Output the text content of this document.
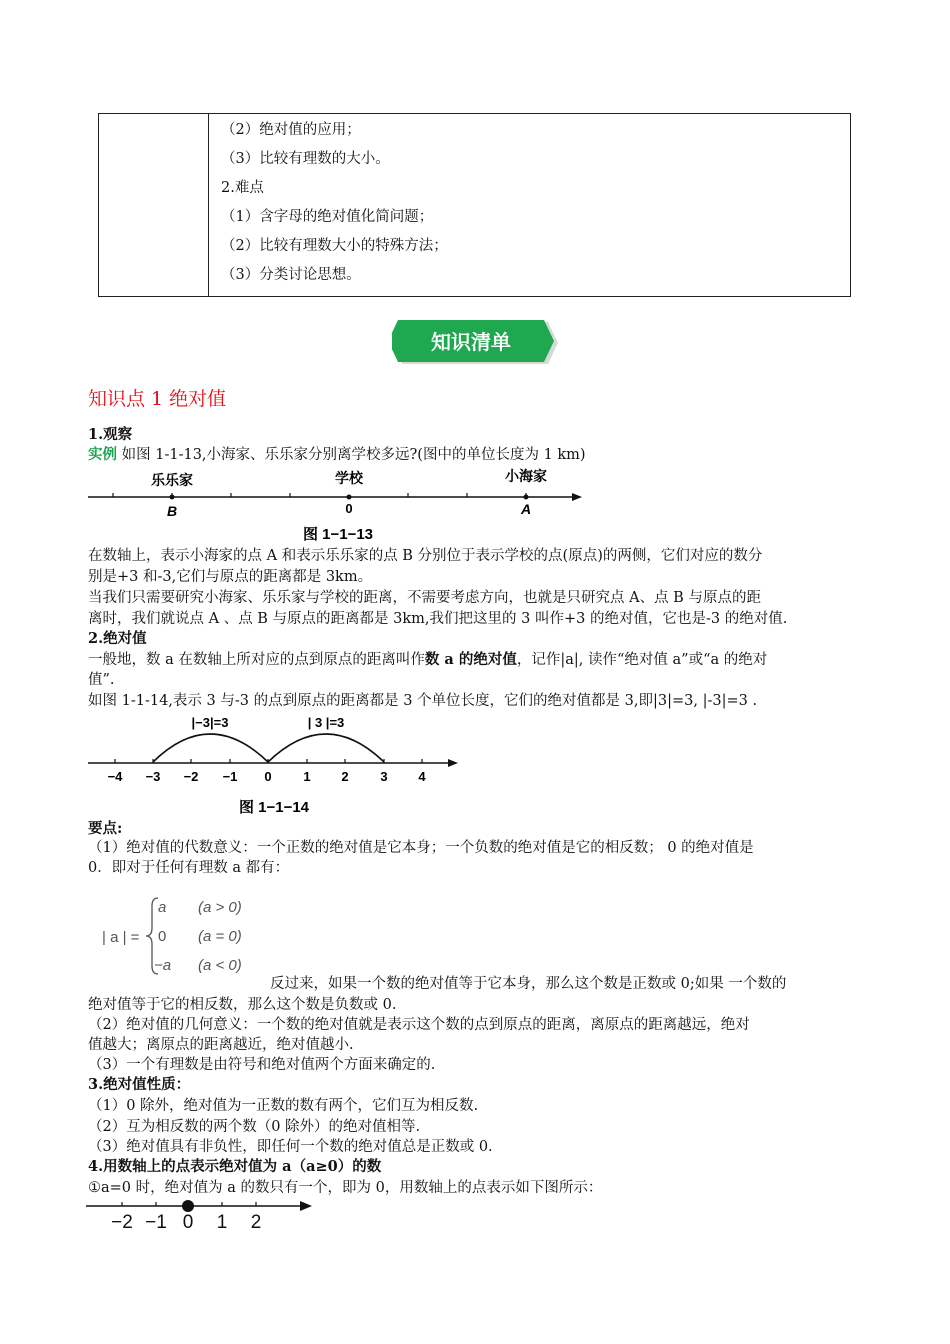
（2）绝对值的应用；
（3）比较有理数的大小。
2.难点
（1）含字母的绝对值化简问题；
（2）比较有理数大小的特殊方法；
（3）分类讨论思想。
知识清单
知识点 1 绝对值
1.观察
实例 如图 1-1-13,小海家、乐乐家分别离学校多远?(图中的单位长度为 1 km)
乐乐家	学校	小海家
B	0	A
图 1−1−13
在数轴上，表示小海家的点 A 和表示乐乐家的点 B 分别位于表示学校的点(原点)的两侧，它们对应的数分
别是+3 和-3,它们与原点的距离都是 3km。
当我们只需要研究小海家、乐乐家与学校的距离，不需要考虑方向，也就是只研究点 A、点 B 与原点的距
离时，我们就说点 A 、点 B 与原点的距离都是 3km,我们把这里的 3 叫作+3 的绝对值，它也是-3 的绝对值.
2.绝对值
一般地，数 a 在数轴上所对应的点到原点的距离叫作数 a 的绝对值，记作|a|, 读作“绝对值 a”或“a 的绝对
值”.
如图 1-1-14,表示 3 与-3 的点到原点的距离都是 3 个单位长度，它们的绝对值都是 3,即|3|=3, |-3|=3 .
|−3|=3	| 3 |=3
−4 −3 −2 −1 0 1 2 3 4
图 1−1−14
要点:
（1）绝对值的代数意义：一个正数的绝对值是它本身；一个负数的绝对值是它的相反数； 0 的绝对值是
0．即对于任何有理数 a 都有：
| a | =
a (a > 0)
0 (a = 0)
−a (a < 0)
反过来，如果一个数的绝对值等于它本身，那么这个数是正数或 0;如果 一个数的
绝对值等于它的相反数，那么这个数是负数或 0.
（2）绝对值的几何意义：一个数的绝对值就是表示这个数的点到原点的距离，离原点的距离越远，绝对
值越大；离原点的距离越近，绝对值越小.
（3）一个有理数是由符号和绝对值两个方面来确定的.
3.绝对值性质：
（1）0 除外，绝对值为一正数的数有两个，它们互为相反数.
（2）互为相反数的两个数（0 除外）的绝对值相等.
（3）绝对值具有非负性，即任何一个数的绝对值总是正数或 0.
4.用数轴上的点表示绝对值为 a（a≥0）的数
①a=0 时，绝对值为 a 的数只有一个，即为 0，用数轴上的点表示如下图所示：
−2 −1 0 1 2
